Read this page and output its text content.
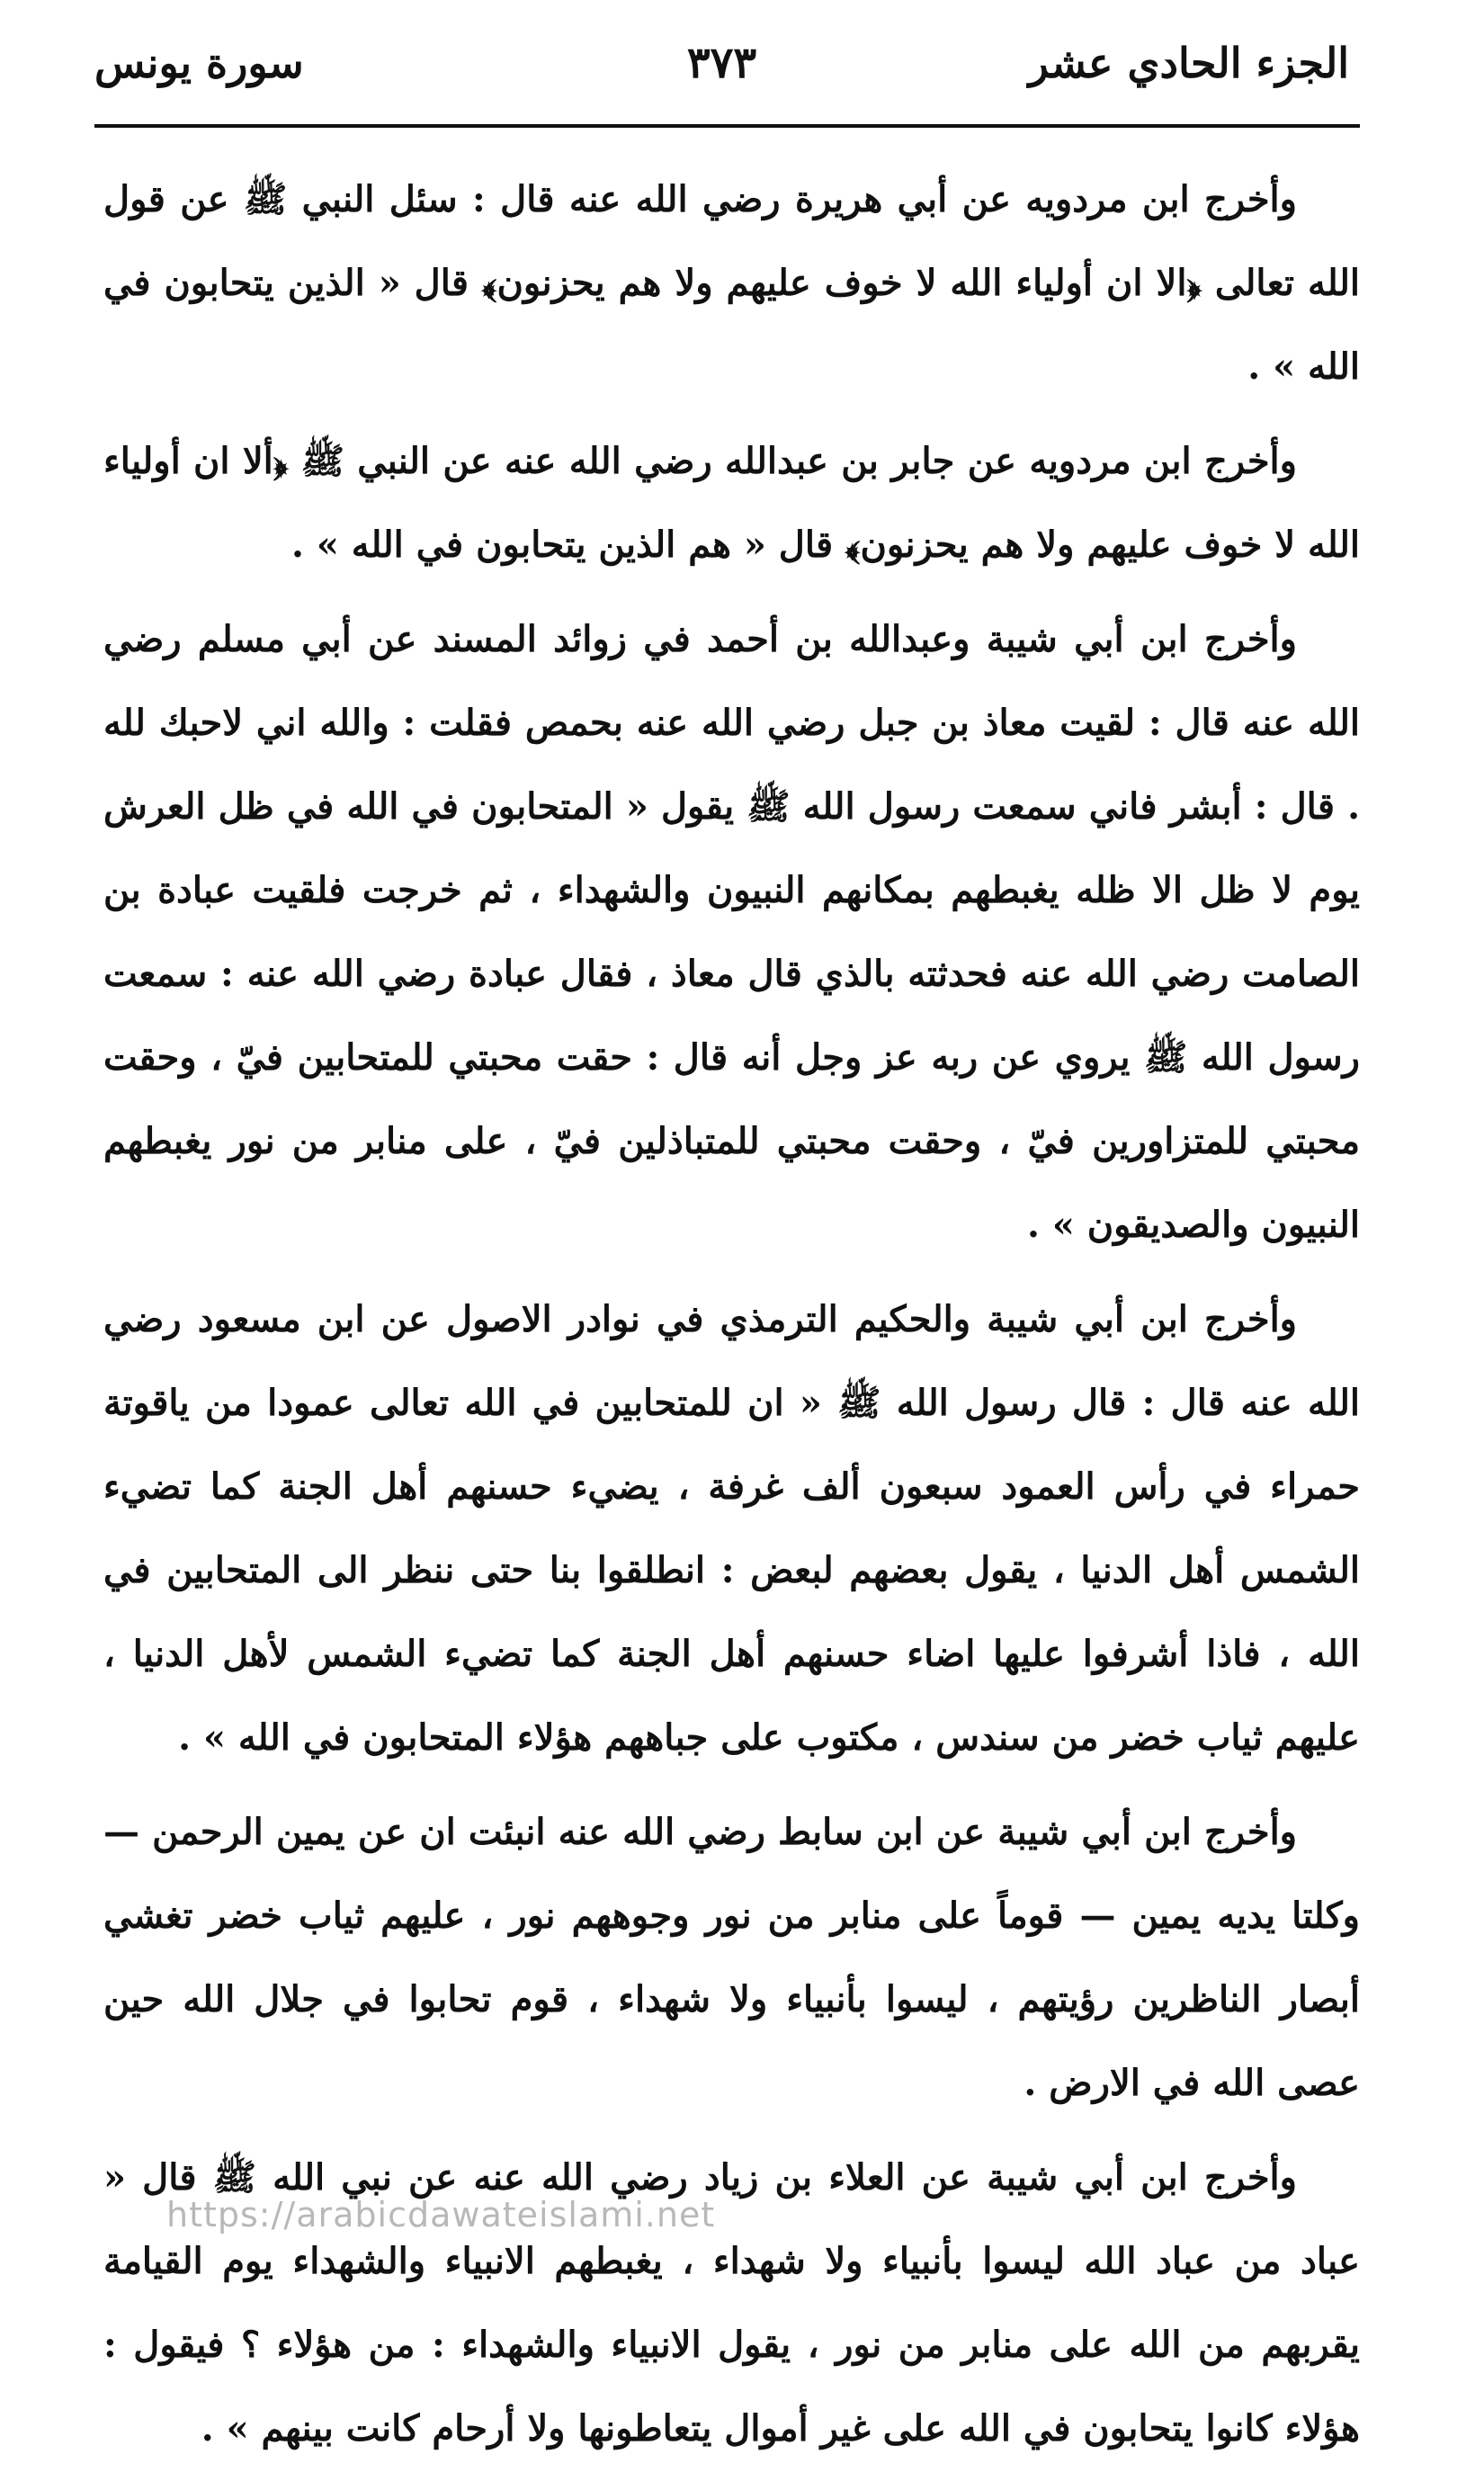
الجزء الحادي عشر
٣٧٣
سورة يونس

وأخرج ابن مردويه عن أبي هريرة رضي الله عنه قال : سئل النبي ﷺ عن قول الله تعالى ﴿الا ان أولياء الله لا خوف عليهم ولا هم يحزنون﴾ قال « الذين يتحابون في الله » .

وأخرج ابن مردويه عن جابر بن عبدالله رضي الله عنه عن النبي ﷺ ﴿ألا ان أولياء الله لا خوف عليهم ولا هم يحزنون﴾ قال « هم الذين يتحابون في الله » .

وأخرج ابن أبي شيبة وعبدالله بن أحمد في زوائد المسند عن أبي مسلم رضي الله عنه قال : لقيت معاذ بن جبل رضي الله عنه بحمص فقلت : والله اني لاحبك لله . قال : أبشر فاني سمعت رسول الله ﷺ يقول « المتحابون في الله في ظل العرش يوم لا ظل الا ظله يغبطهم بمكانهم النبيون والشهداء ، ثم خرجت فلقيت عبادة بن الصامت رضي الله عنه فحدثته بالذي قال معاذ ، فقال عبادة رضي الله عنه : سمعت رسول الله ﷺ يروي عن ربه عز وجل أنه قال : حقت محبتي للمتحابين فيّ ، وحقت محبتي للمتزاورين فيّ ، وحقت محبتي للمتباذلين فيّ ، على منابر من نور يغبطهم النبيون والصديقون » .

وأخرج ابن أبي شيبة والحكيم الترمذي في نوادر الاصول عن ابن مسعود رضي الله عنه قال : قال رسول الله ﷺ « ان للمتحابين في الله تعالى عمودا من ياقوتة حمراء في رأس العمود سبعون ألف غرفة ، يضيء حسنهم أهل الجنة كما تضيء الشمس أهل الدنيا ، يقول بعضهم لبعض : انطلقوا بنا حتى ننظر الى المتحابين في الله ، فاذا أشرفوا عليها اضاء حسنهم أهل الجنة كما تضيء الشمس لأهل الدنيا ، عليهم ثياب خضر من سندس ، مكتوب على جباههم هؤلاء المتحابون في الله » .

وأخرج ابن أبي شيبة عن ابن سابط رضي الله عنه انبئت ان عن يمين الرحمن — وكلتا يديه يمين — قوماً على منابر من نور وجوههم نور ، عليهم ثياب خضر تغشي أبصار الناظرين رؤيتهم ، ليسوا بأنبياء ولا شهداء ، قوم تحابوا في جلال الله حين عصى الله في الارض .

وأخرج ابن أبي شيبة عن العلاء بن زياد رضي الله عنه عن نبي الله ﷺ قال « عباد من عباد الله ليسوا بأنبياء ولا شهداء ، يغبطهم الانبياء والشهداء يوم القيامة يقربهم من الله على منابر من نور ، يقول الانبياء والشهداء : من هؤلاء ؟ فيقول : هؤلاء كانوا يتحابون في الله على غير أموال يتعاطونها ولا أرحام كانت بينهم » .

https://arabicdawateislami.net
